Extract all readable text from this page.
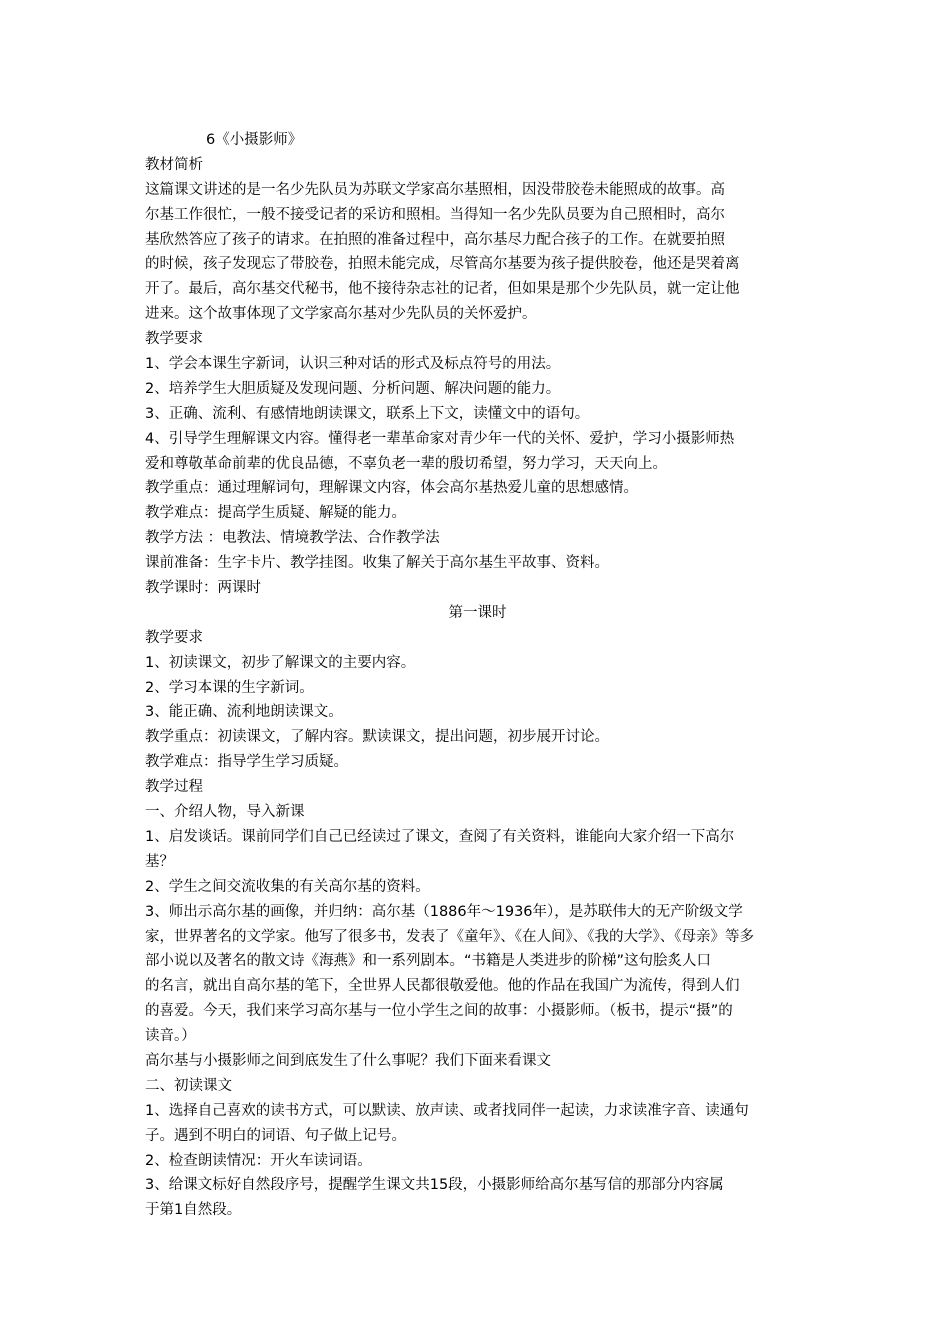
6《小摄影师》
教材简析
这篇课文讲述的是一名少先队员为苏联文学家高尔基照相，因没带胶卷未能照成的故事。高
尔基工作很忙，一般不接受记者的采访和照相。当得知一名少先队员要为自己照相时，高尔
基欣然答应了孩子的请求。在拍照的准备过程中，高尔基尽力配合孩子的工作。在就要拍照
的时候，孩子发现忘了带胶卷，拍照未能完成，尽管高尔基要为孩子提供胶卷，他还是哭着离
开了。最后，高尔基交代秘书，他不接待杂志社的记者，但如果是那个少先队员，就一定让他
进来。这个故事体现了文学家高尔基对少先队员的关怀爱护。
教学要求
1、学会本课生字新词，认识三种对话的形式及标点符号的用法。
2、培养学生大胆质疑及发现问题、分析问题、解决问题的能力。
3、正确、流利、有感情地朗读课文，联系上下文，读懂文中的语句。
4、引导学生理解课文内容。懂得老一辈革命家对青少年一代的关怀、爱护，学习小摄影师热
爱和尊敬革命前辈的优良品德，不辜负老一辈的殷切希望，努力学习，天天向上。
教学重点：通过理解词句，理解课文内容，体会高尔基热爱儿童的思想感情。
教学难点：提高学生质疑、解疑的能力。
教学方法 ：电教法、情境教学法、合作教学法
课前准备：生字卡片、教学挂图。收集了解关于高尔基生平故事、资料。
教学课时：两课时
第一课时
教学要求
1、初读课文，初步了解课文的主要内容。
2、学习本课的生字新词。
3、能正确、流利地朗读课文。
教学重点：初读课文，了解内容。默读课文，提出问题，初步展开讨论。
教学难点：指导学生学习质疑。
教学过程
一、介绍人物，导入新课
1、启发谈话。课前同学们自己已经读过了课文，查阅了有关资料，谁能向大家介绍一下高尔
基？
2、学生之间交流收集的有关高尔基的资料。
3、师出示高尔基的画像，并归纳：高尔基（1886年～1936年），是苏联伟大的无产阶级文学
家，世界著名的文学家。他写了很多书，发表了《童年》、《在人间》、《我的大学》、《母亲》等多
部小说以及著名的散文诗《海燕》和一系列剧本。“书籍是人类进步的阶梯”这句脍炙人口
的名言，就出自高尔基的笔下，全世界人民都很敬爱他。他的作品在我国广为流传，得到人们
的喜爱。今天，我们来学习高尔基与一位小学生之间的故事：小摄影师。（板书，提示“摄”的
读音。）
高尔基与小摄影师之间到底发生了什么事呢？我们下面来看课文
二、初读课文
1、选择自己喜欢的读书方式，可以默读、放声读、或者找同伴一起读，力求读准字音、读通句
子。遇到不明白的词语、句子做上记号。
2、检查朗读情况：开火车读词语。
3、给课文标好自然段序号，提醒学生课文共15段，小摄影师给高尔基写信的那部分内容属
于第1自然段。
